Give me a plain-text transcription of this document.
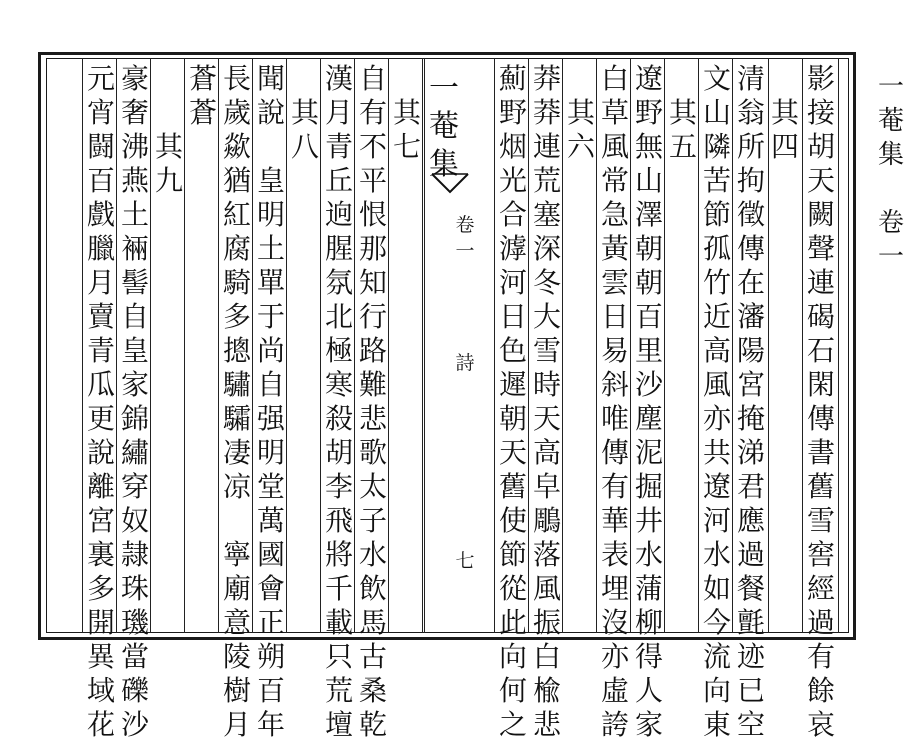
一
菴
集

卷
一
影
接
胡
天
闕
聲
連
碣
石
閑
傳
書
舊
雪
窖
經
過
有
餘
哀

其
四
清
翁
所
拘
徵
傳
在
瀋
陽
宮
掩
涕
君
應
過
餐
氈
迹
已
空
文
山
隣
苦
節
孤
竹
近
高
風
亦
共
遼
河
水
如
今
流
向
東

其
五
遼
野
無
山
澤
朝
朝
百
里
沙
塵
泥
掘
井
水
蒲
柳
得
人
家
白
草
風
常
急
黃
雲
日
易
斜
唯
傳
有
華
表
埋
沒
亦
虛
誇

其
六
莽
莽
連
荒
塞
深
冬
大
雪
時
天
高
皁
鵰
落
風
振
白
楡
悲
薊
野
烟
光
合
滹
河
日
色
遲
朝
天
舊
使
節
從
此
向
何
之

其
七
自
有
不
平
恨
那
知
行
路
難
悲
歌
太
子
水
飲
馬
古
桑
乾
漢
月
青
丘
逈
腥
氛
北
極
寒
殺
胡
李
飛
將
千
載
只
荒
壇

其
八
聞
說

皇
明
土
單
于
尚
自
强
明
堂
萬
國
會
正
朔
百
年
長
歲
歘
猶
紅
腐
騎
多
摠
驌
驦
凄
凉

寧
廟
意
陵
樹
月
蒼
蒼

其
九
豪
奢
沸
燕
土
裲
髻
自
皇
家
錦
繡
穿
奴
隷
珠
璣
當
礫
沙
元
宵
闘
百
戲
臘
月
賣
青
瓜
更
說
離
宮
裏
多
開
異
域
花
一
菴
集
卷
一
詩
七
